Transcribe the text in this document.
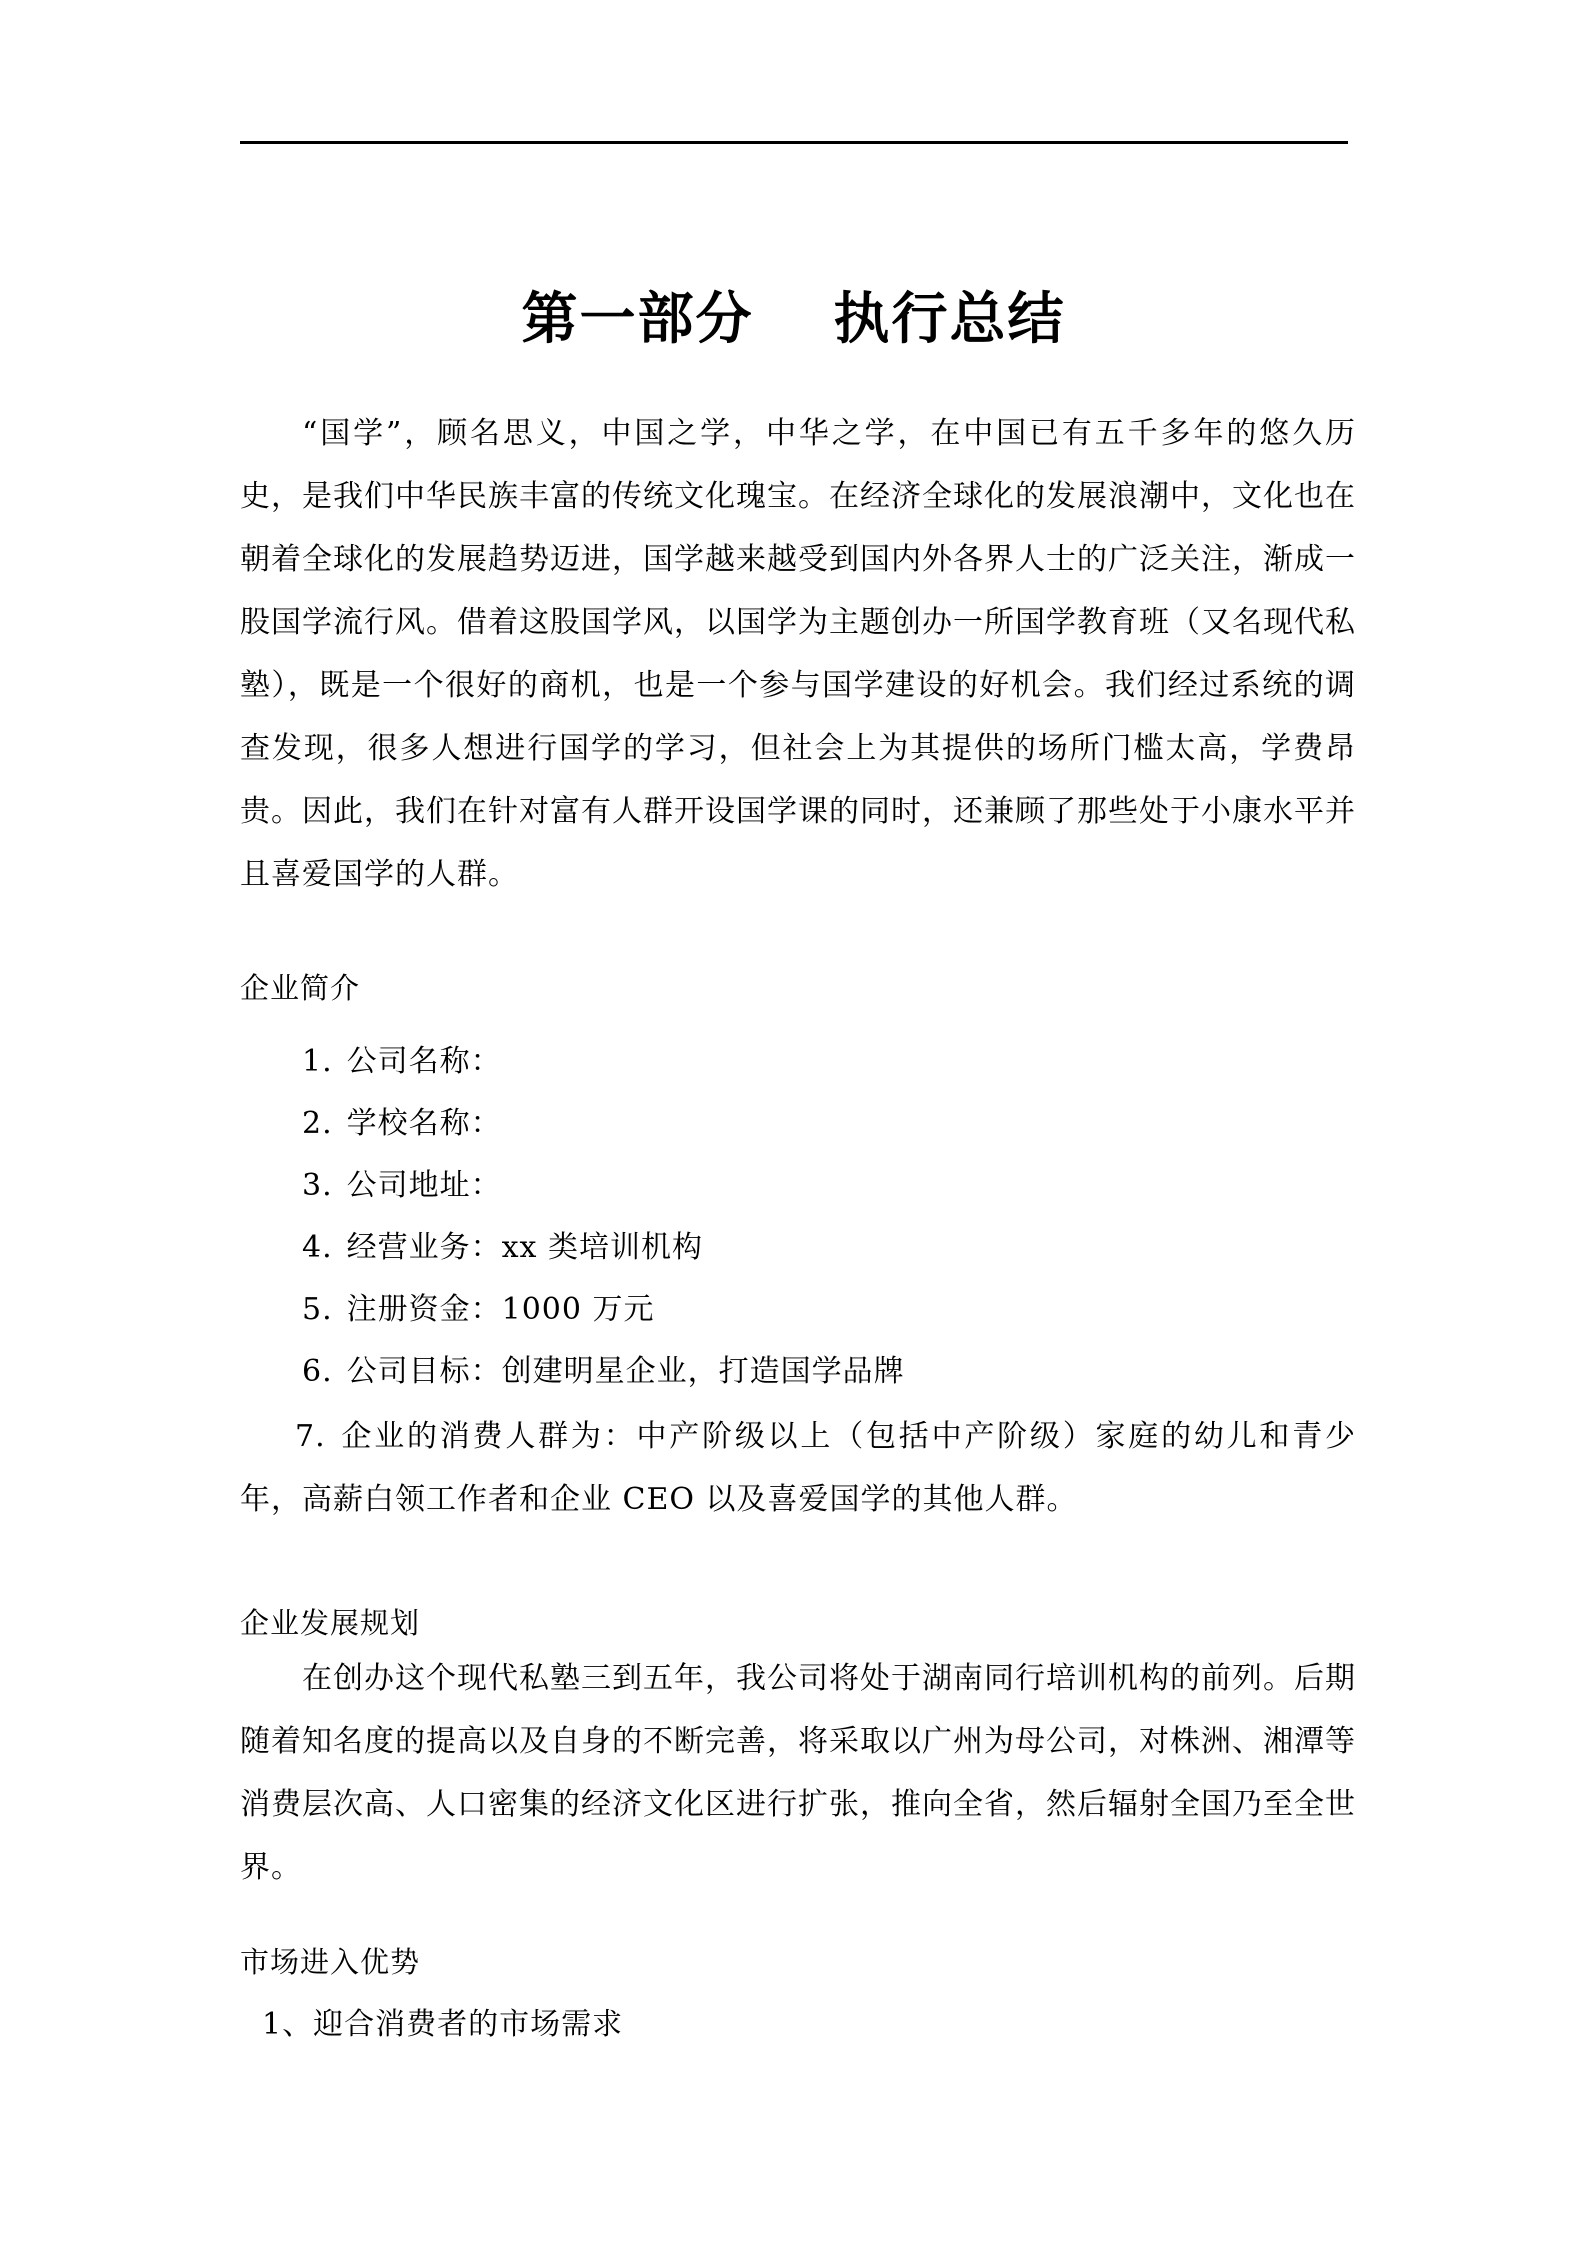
第一部分 执行总结
“国学”，顾名思义，中国之学，中华之学，在中国已有五千多年的悠久历史，是我们中华民族丰富的传统文化瑰宝。在经济全球化的发展浪潮中，文化也在朝着全球化的发展趋势迈进，国学越来越受到国内外各界人士的广泛关注，渐成一股国学流行风。借着这股国学风，以国学为主题创办一所国学教育班（又名现代私塾），既是一个很好的商机，也是一个参与国学建设的好机会。我们经过系统的调查发现，很多人想进行国学的学习，但社会上为其提供的场所门槛太高，学费昂贵。因此，我们在针对富有人群开设国学课的同时，还兼顾了那些处于小康水平并且喜爱国学的人群。
企业简介
1. 公司名称：
2. 学校名称：
3. 公司地址：
4. 经营业务：xx 类培训机构
5. 注册资金：1000 万元
6. 公司目标：创建明星企业，打造国学品牌
7. 企业的消费人群为：中产阶级以上（包括中产阶级）家庭的幼儿和青少年，高薪白领工作者和企业 CEO 以及喜爱国学的其他人群。
企业发展规划
在创办这个现代私塾三到五年，我公司将处于湖南同行培训机构的前列。后期随着知名度的提高以及自身的不断完善，将采取以广州为母公司，对株洲、湘潭等消费层次高、人口密集的经济文化区进行扩张，推向全省，然后辐射全国乃至全世界。
市场进入优势
1、迎合消费者的市场需求
